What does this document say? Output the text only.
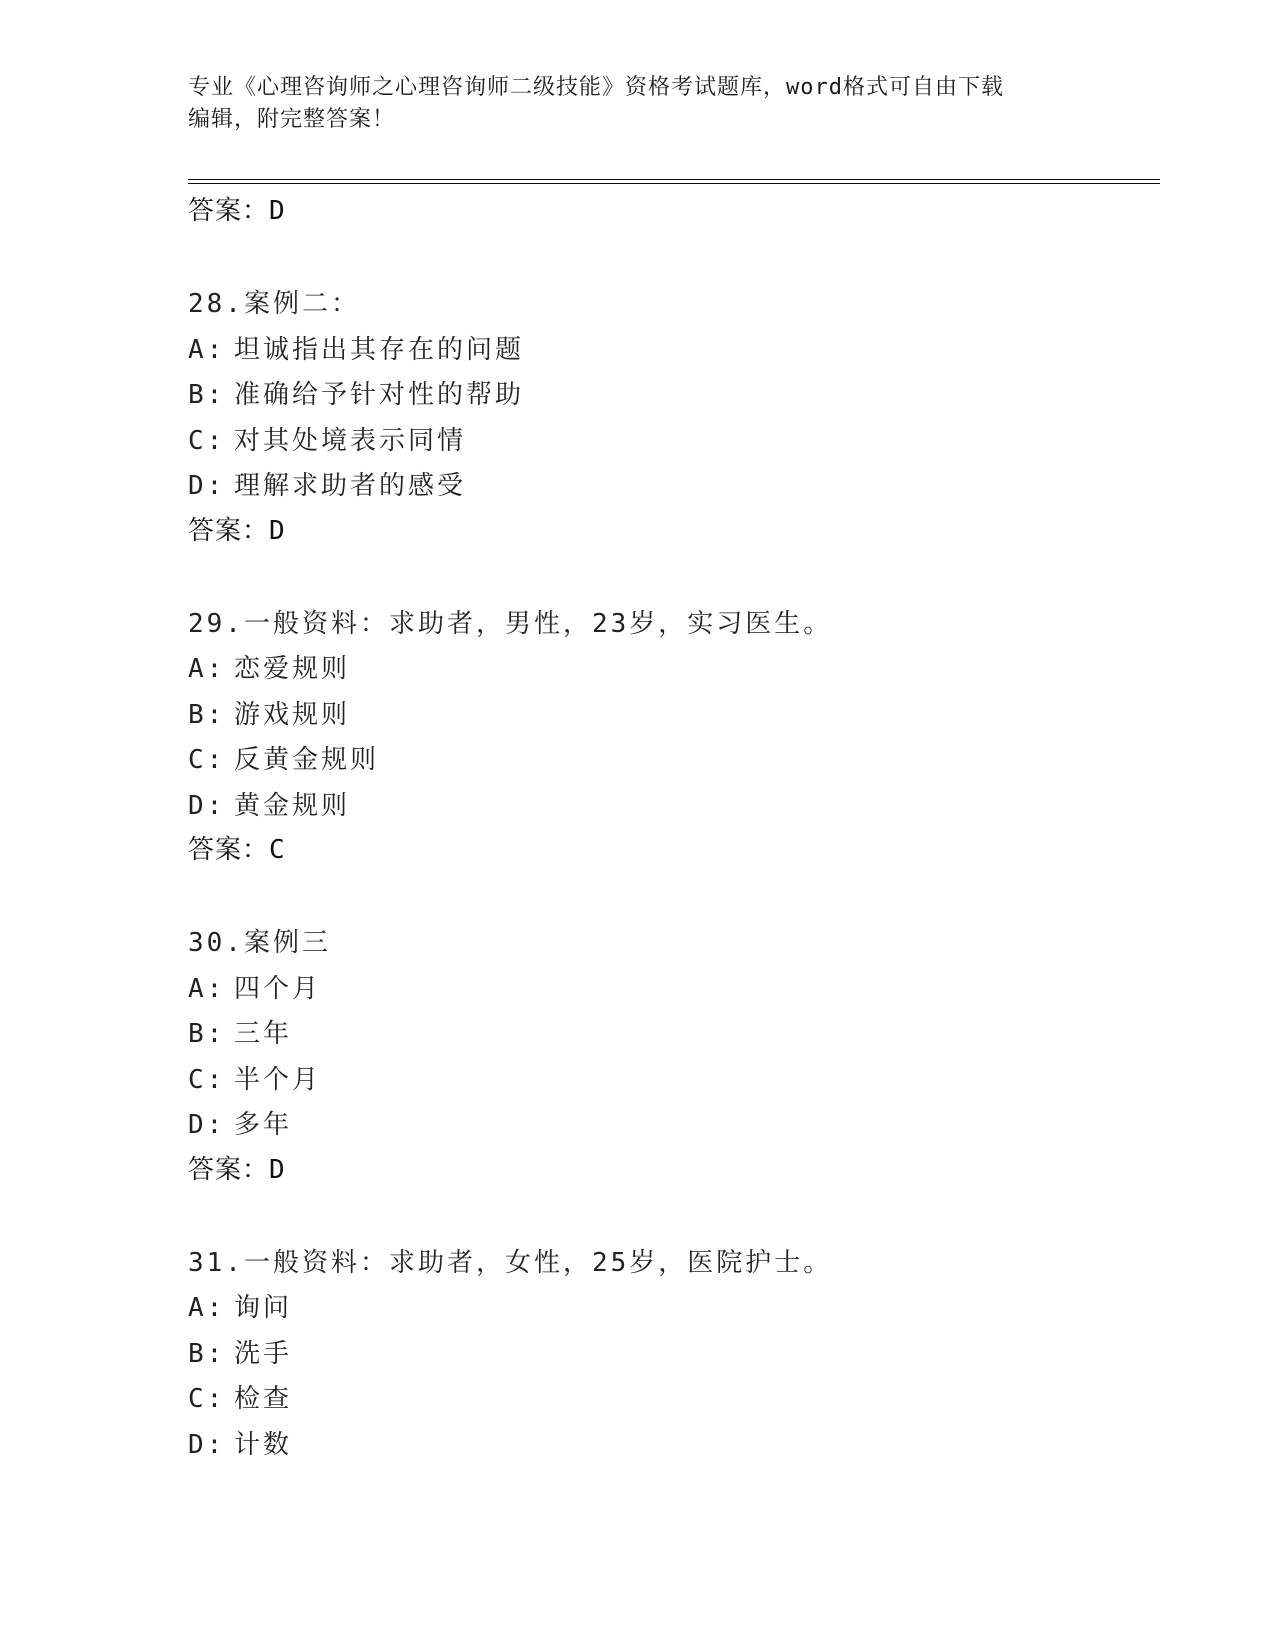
专业《心理咨询师之心理咨询师二级技能》资格考试题库，word格式可自由下载
编辑，附完整答案！
答案：D
28.案例二：
A: 坦诚指出其存在的问题
B: 准确给予针对性的帮助
C: 对其处境表示同情
D: 理解求助者的感受
答案：D
29.一般资料：求助者，男性，23岁，实习医生。
A: 恋爱规则
B: 游戏规则
C: 反黄金规则
D: 黄金规则
答案：C
30.案例三
A: 四个月
B: 三年
C: 半个月
D: 多年
答案：D
31.一般资料：求助者，女性，25岁，医院护士。
A: 询问
B: 洗手
C: 检查
D: 计数
